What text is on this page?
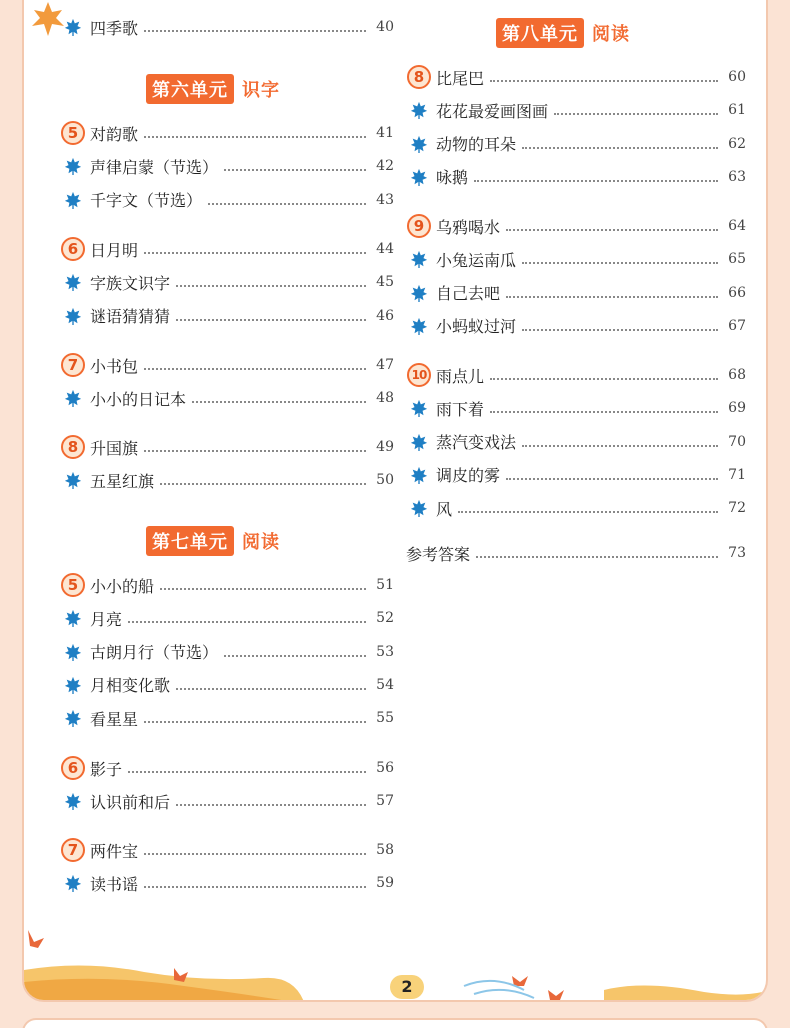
四季歌	40
第六单元 识字
5 对韵歌	41
声律启蒙（节选）	42
千字文（节选）	43
6 日月明	44
字族文识字	45
谜语猜猜猜	46
7 小书包	47
小小的日记本	48
8 升国旗	49
五星红旗	50
第七单元 阅读
5 小小的船	51
月亮	52
古朗月行（节选）	53
月相变化歌	54
看星星	55
6 影子	56
认识前和后	57
7 两件宝	58
读书谣	59
第八单元 阅读
8 比尾巴	60
花花最爱画图画	61
动物的耳朵	62
咏鹅	63
9 乌鸦喝水	64
小兔运南瓜	65
自己去吧	66
小蚂蚁过河	67
10 雨点儿	68
雨下着	69
蒸汽变戏法	70
调皮的雾	71
风	72
参考答案	73
2
